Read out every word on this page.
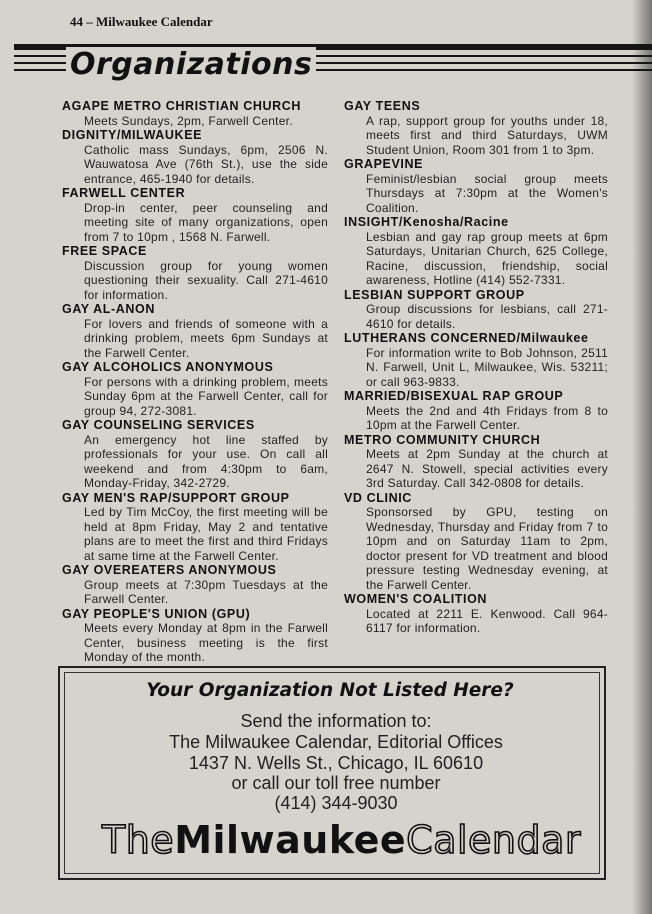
44 – Milwaukee Calendar
Organizations
AGAPE METRO CHRISTIAN CHURCH
Meets Sundays, 2pm, Farwell Center.
DIGNITY/MILWAUKEE
Catholic mass Sundays, 6pm, 2506 N. Wauwatosa Ave (76th St.), use the side entrance, 465-1940 for details.
FARWELL CENTER
Drop-in center, peer counseling and meeting site of many organizations, open from 7 to 10pm , 1568 N. Farwell.
FREE SPACE
Discussion group for young women questioning their sexuality. Call 271-4610 for information.
GAY AL-ANON
For lovers and friends of someone with a drinking problem, meets 6pm Sundays at the Farwell Center.
GAY ALCOHOLICS ANONYMOUS
For persons with a drinking problem, meets Sunday 6pm at the Farwell Center, call for group 94, 272-3081.
GAY COUNSELING SERVICES
An emergency hot line staffed by professionals for your use. On call all weekend and from 4:30pm to 6am, Monday-Friday, 342-2729.
GAY MEN'S RAP/SUPPORT GROUP
Led by Tim McCoy, the first meeting will be held at 8pm Friday, May 2 and tentative plans are to meet the first and third Fridays at same time at the Farwell Center.
GAY OVEREATERS ANONYMOUS
Group meets at 7:30pm Tuesdays at the Farwell Center.
GAY PEOPLE'S UNION (GPU)
Meets every Monday at 8pm in the Farwell Center, business meeting is the first Monday of the month.
GAY TEENS
A rap, support group for youths under 18, meets first and third Saturdays, UWM Student Union, Room 301 from 1 to 3pm.
GRAPEVINE
Feminist/lesbian social group meets Thursdays at 7:30pm at the Women's Coalition.
INSIGHT/Kenosha/Racine
Lesbian and gay rap group meets at 6pm Saturdays, Unitarian Church, 625 College, Racine, discussion, friendship, social awareness, Hotline (414) 552-7331.
LESBIAN SUPPORT GROUP
Group discussions for lesbians, call 271-4610 for details.
LUTHERANS CONCERNED/Milwaukee
For information write to Bob Johnson, 2511 N. Farwell, Unit L, Milwaukee, Wis. 53211; or call 963-9833.
MARRIED/BISEXUAL RAP GROUP
Meets the 2nd and 4th Fridays from 8 to 10pm at the Farwell Center.
METRO COMMUNITY CHURCH
Meets at 2pm Sunday at the church at 2647 N. Stowell, special activities every 3rd Saturday. Call 342-0808 for details.
VD CLINIC
Sponsorsed by GPU, testing on Wednesday, Thursday and Friday from 7 to 10pm and on Saturday 11am to 2pm, doctor present for VD treatment and blood pressure testing Wednesday evening, at the Farwell Center.
WOMEN'S COALITION
Located at 2211 E. Kenwood. Call 964-6117 for information.
Your Organization Not Listed Here?
Send the information to:
The Milwaukee Calendar, Editorial Offices
1437 N. Wells St., Chicago, IL 60610
or call our toll free number
(414) 344-9030
TheMilwaukeeCalendar
